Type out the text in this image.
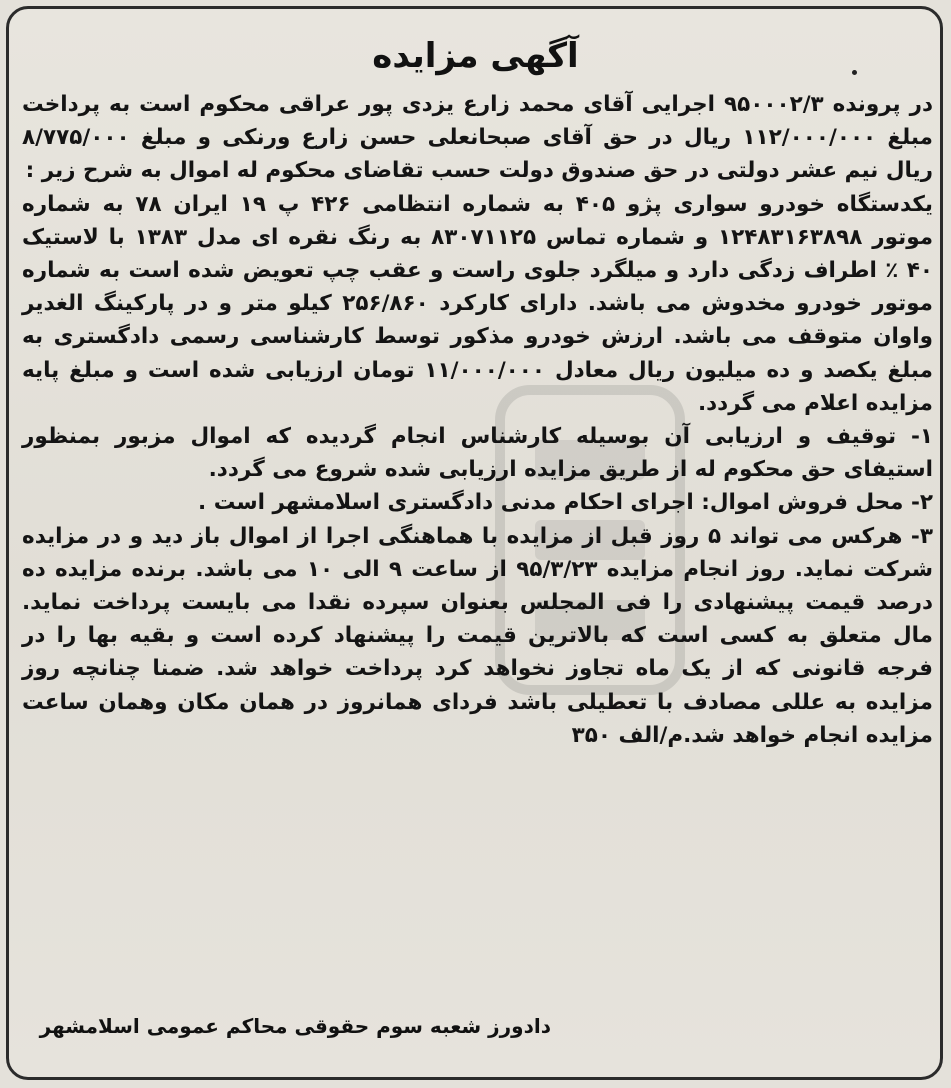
آگهی مزایده

در پرونده ۹۵۰۰۰۲/۳ اجرایی آقای محمد زارع یزدی پور عراقی محکوم است به پرداخت مبلغ ۱۱۲/۰۰۰/۰۰۰ ریال در حق آقای صبحانعلی حسن زارع ورنکی و مبلغ ۸/۷۷۵/۰۰۰ ریال نیم عشر دولتی در حق صندوق دولت حسب تقاضای محکوم له اموال به شرح زیر :

یکدستگاه خودرو سواری پژو ۴۰۵ به شماره انتظامی ۴۲۶ پ ۱۹ ایران ۷۸ به شماره موتور ۱۲۴۸۳۱۶۳۸۹۸ و شماره تماس ۸۳۰۷۱۱۲۵ به رنگ نقره ای مدل ۱۳۸۳ با لاستیک ۴۰ ٪ اطراف زدگی دارد و میلگرد جلوی راست و عقب چپ تعویض شده است به شماره موتور خودرو مخدوش می باشد. دارای کارکرد ۲۵۶/۸۶۰ کیلو متر و در پارکینگ الغدیر واوان متوقف می باشد. ارزش خودرو مذکور توسط کارشناسی رسمی دادگستری به مبلغ یکصد و ده میلیون ریال معادل ۱۱/۰۰۰/۰۰۰ تومان ارزیابی شده است و مبلغ پایه مزایده اعلام می گردد.

۱- توقیف و ارزیابی آن بوسیله کارشناس انجام گردیده که اموال مزبور بمنظور استیفای حق محکوم له از طریق مزایده ارزیابی شده شروع می گردد.

۲- محل فروش اموال: اجرای احکام مدنی دادگستری اسلامشهر است .

۳- هرکس می تواند ۵ روز قبل از مزایده با هماهنگی اجرا از اموال باز دید و در مزایده شرکت نماید. روز انجام مزایده ۹۵/۳/۲۳ از ساعت ۹ الی ۱۰ می باشد. برنده مزایده ده درصد قیمت پیشنهادی را فی المجلس بعنوان سپرده نقدا می بایست پرداخت نماید. مال متعلق به کسی است که بالاترین قیمت را پیشنهاد کرده است و بقیه بها را در فرجه قانونی که از یک ماه تجاوز نخواهد کرد پرداخت خواهد شد. ضمنا چنانچه روز مزایده به عللی مصادف با تعطیلی باشد فردای همانروز در همان مکان وهمان ساعت مزایده انجام خواهد شد.م/الف ۳۵۰

دادورز شعبه سوم حقوقی محاکم عمومی اسلامشهر
